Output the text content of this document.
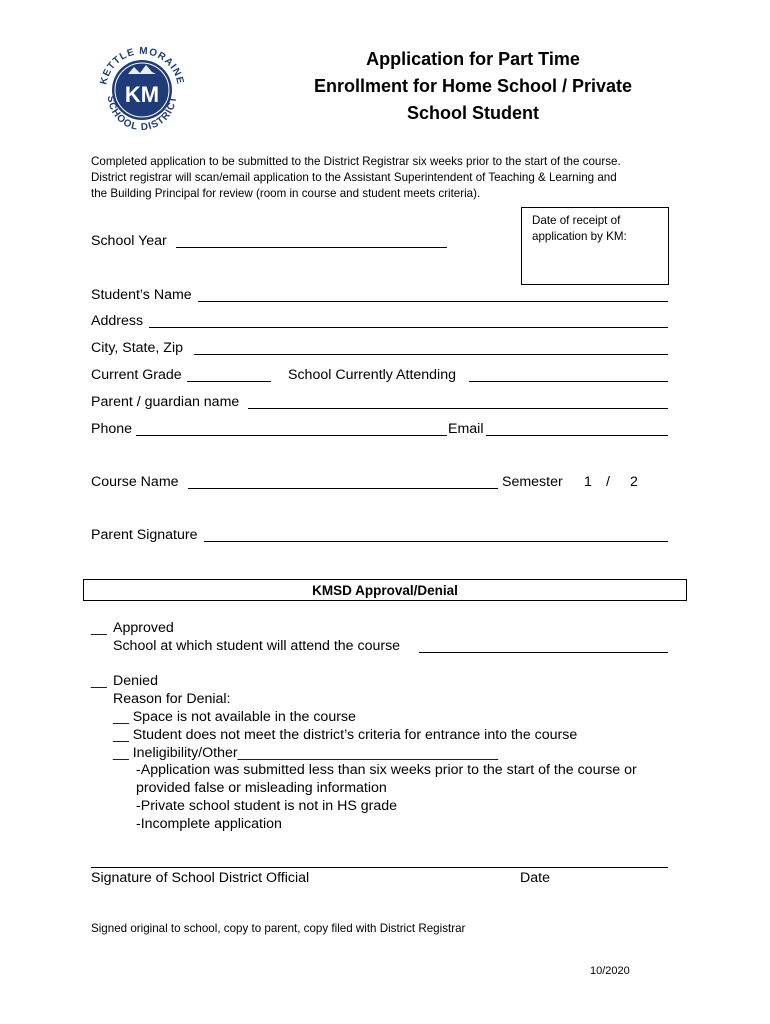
KM
KETTLE MORAINE
SCHOOL DISTRICT
Application for Part Time
Enrollment for Home School / Private
School Student
Completed application to be submitted to the District Registrar six weeks prior to the start of the course.
District registrar will scan/email application to the Assistant Superintendent of Teaching & Learning and
the Building Principal for review (room in course and student meets criteria).
Date of receipt of
application by KM:
School Year
Student’s Name
Address
City, State, Zip
Current Grade	School Currently Attending
Parent / guardian name
Phone	Email
Course Name	Semester 1 / 2
Parent Signature
KMSD Approval/Denial
__ Approved
School at which student will attend the course
__ Denied
Reason for Denial:
__ Space is not available in the course
__ Student does not meet the district’s criteria for entrance into the course
__ Ineligibility/Other_________________________________
-Application was submitted less than six weeks prior to the start of the course or
provided false or misleading information
-Private school student is not in HS grade
-Incomplete application
Signature of School District Official	Date
Signed original to school, copy to parent, copy filed with District Registrar
10/2020
